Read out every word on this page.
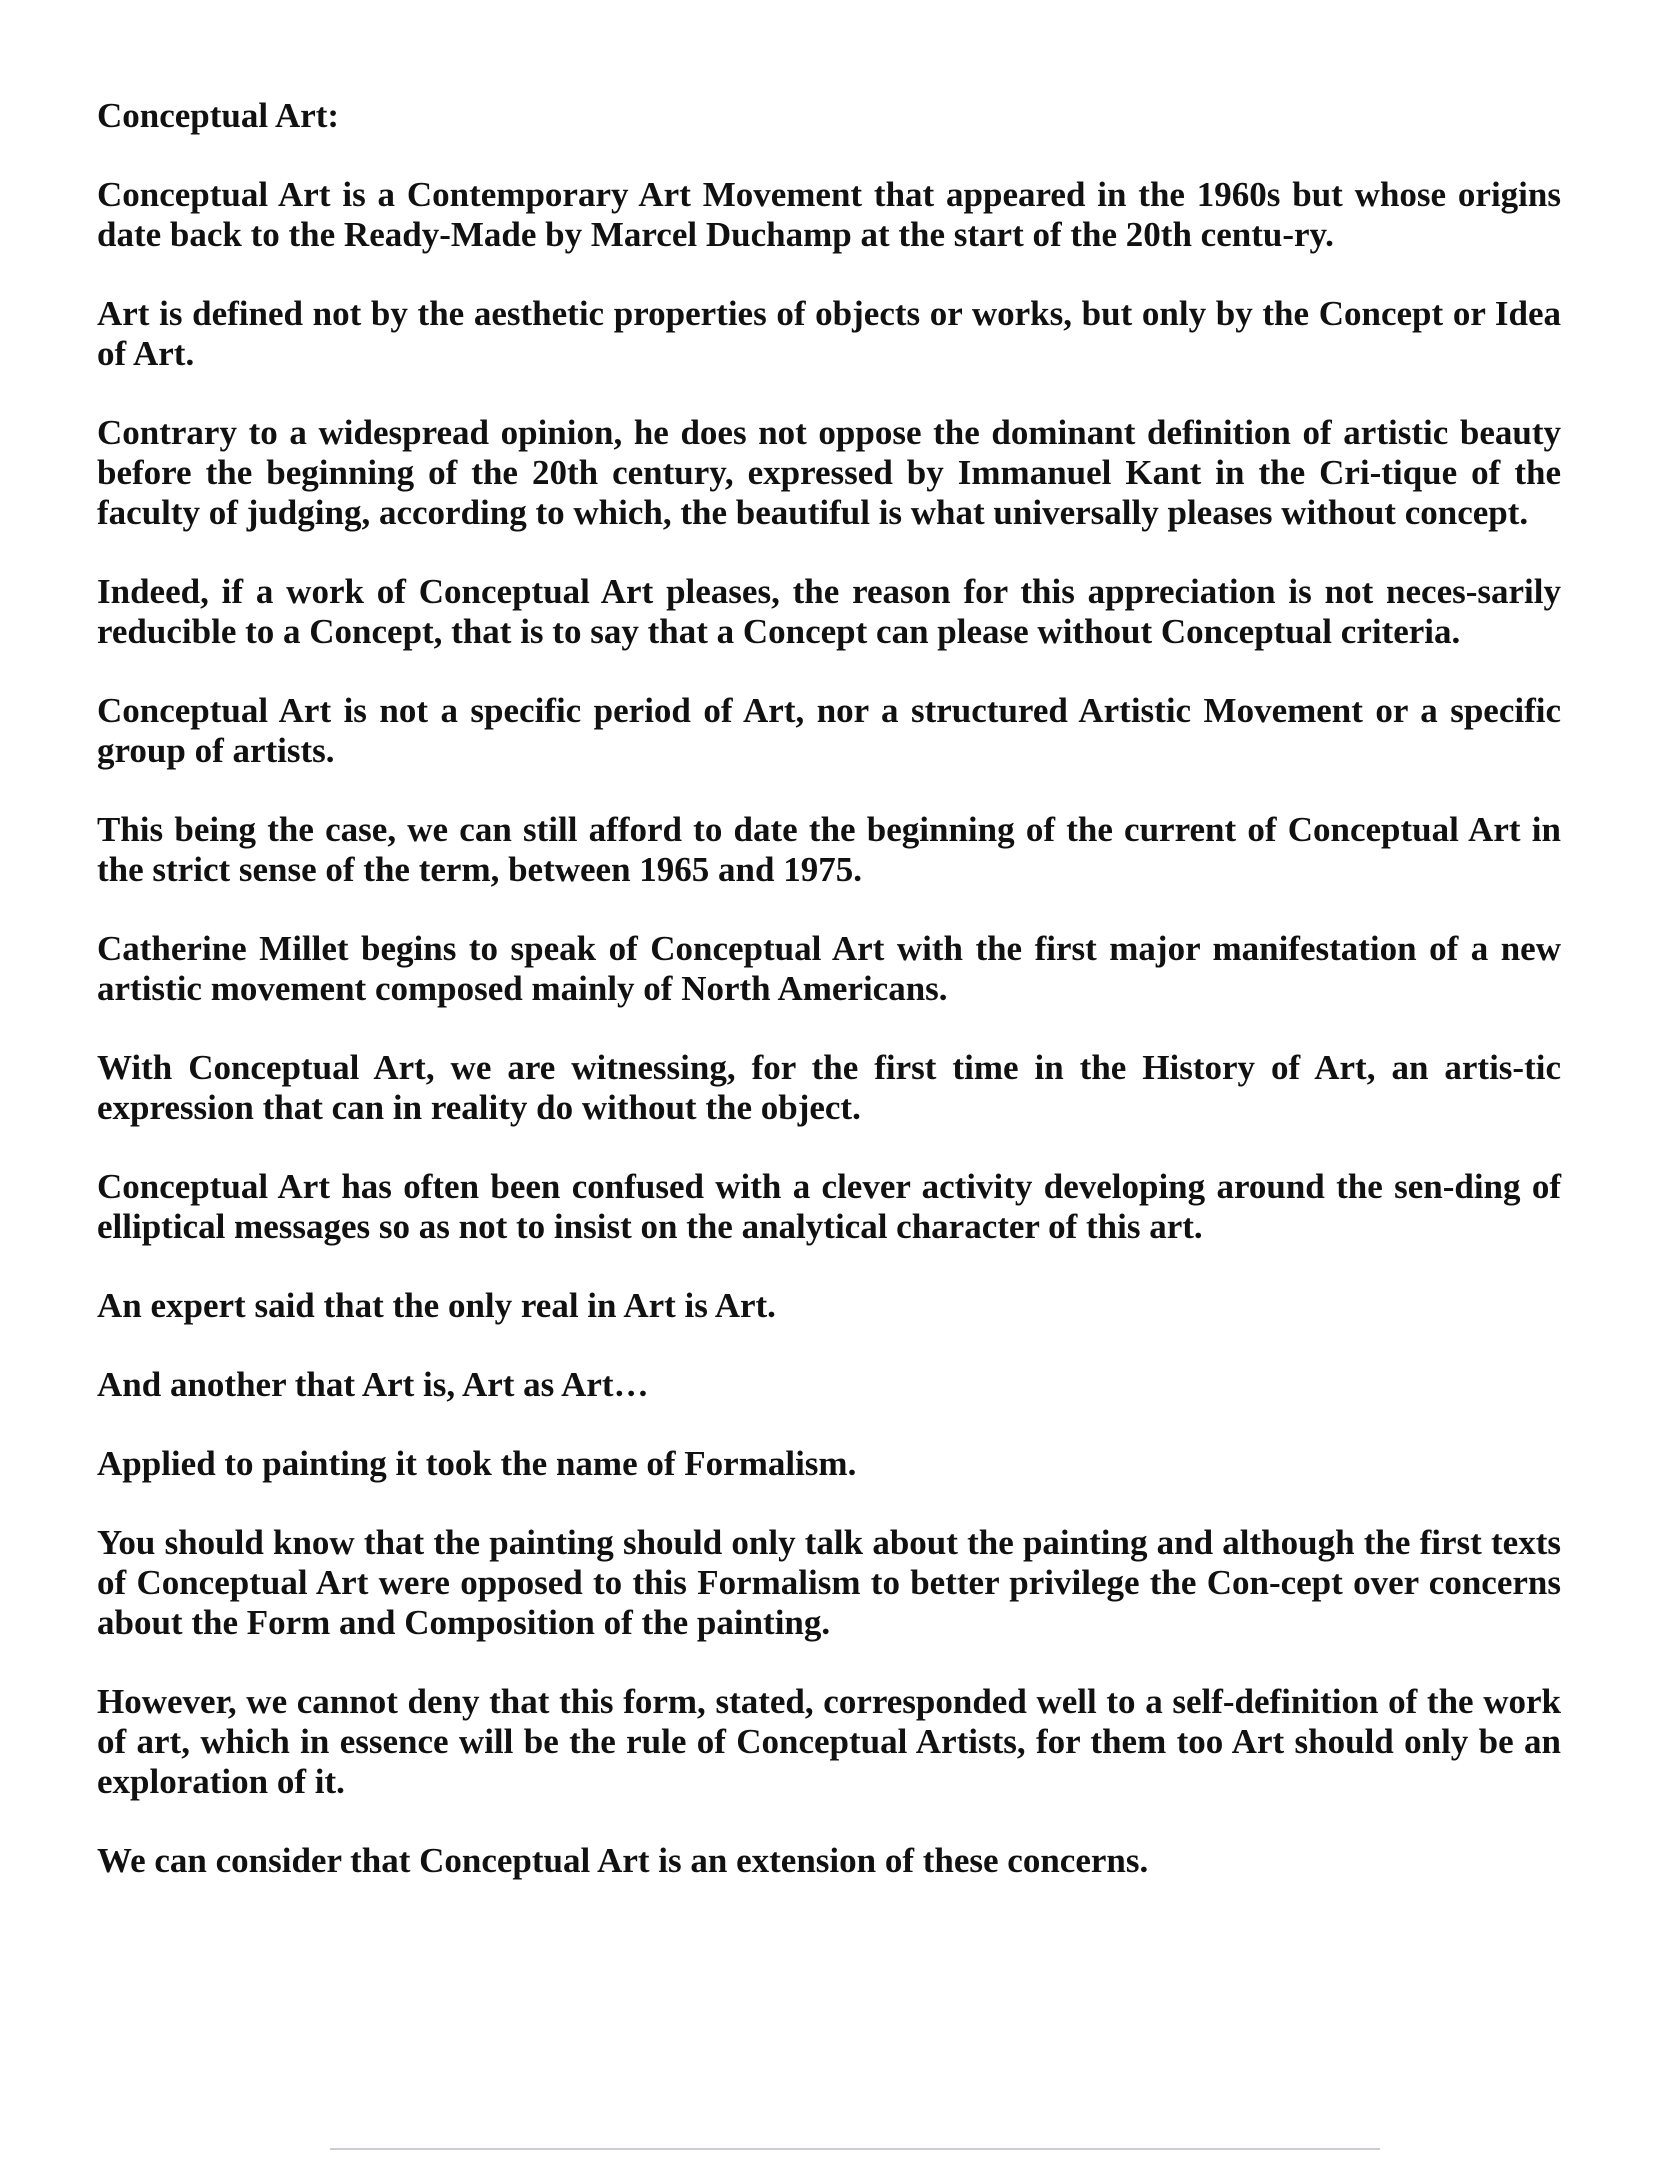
Conceptual Art:

Conceptual Art is a Contemporary Art Movement that appeared in the 1960s but whose origins date back to the Ready-Made by Marcel Duchamp at the start of the 20th centu-ry.

Art is defined not by the aesthetic properties of objects or works, but only by the Concept or Idea of Art.

Contrary to a widespread opinion, he does not oppose the dominant definition of artistic beauty before the beginning of the 20th century, expressed by Immanuel Kant in the Cri-tique of the faculty of judging, according to which, the beautiful is what universally pleases without concept.

Indeed, if a work of Conceptual Art pleases, the reason for this appreciation is not neces-sarily reducible to a Concept, that is to say that a Concept can please without Conceptual criteria.

Conceptual Art is not a specific period of Art, nor a structured Artistic Movement or a specific group of artists.

This being the case, we can still afford to date the beginning of the current of Conceptual Art in the strict sense of the term, between 1965 and 1975.

Catherine Millet begins to speak of Conceptual Art with the first major manifestation of a new artistic movement composed mainly of North Americans.

With Conceptual Art, we are witnessing, for the first time in the History of Art, an artis-tic expression that can in reality do without the object.

Conceptual Art has often been confused with a clever activity developing around the sen-ding of elliptical messages so as not to insist on the analytical character of this art.

An expert said that the only real in Art is Art.

And another that Art is, Art as Art…

Applied to painting it took the name of Formalism.

You should know that the painting should only talk about the painting and although the first texts of Conceptual Art were opposed to this Formalism to better privilege the Con-cept over concerns about the Form and Composition of the painting.

However, we cannot deny that this form, stated, corresponded well to a self-definition of the work of art, which in essence will be the rule of Conceptual Artists, for them too Art should only be an exploration of it.

We can consider that Conceptual Art is an extension of these concerns.
